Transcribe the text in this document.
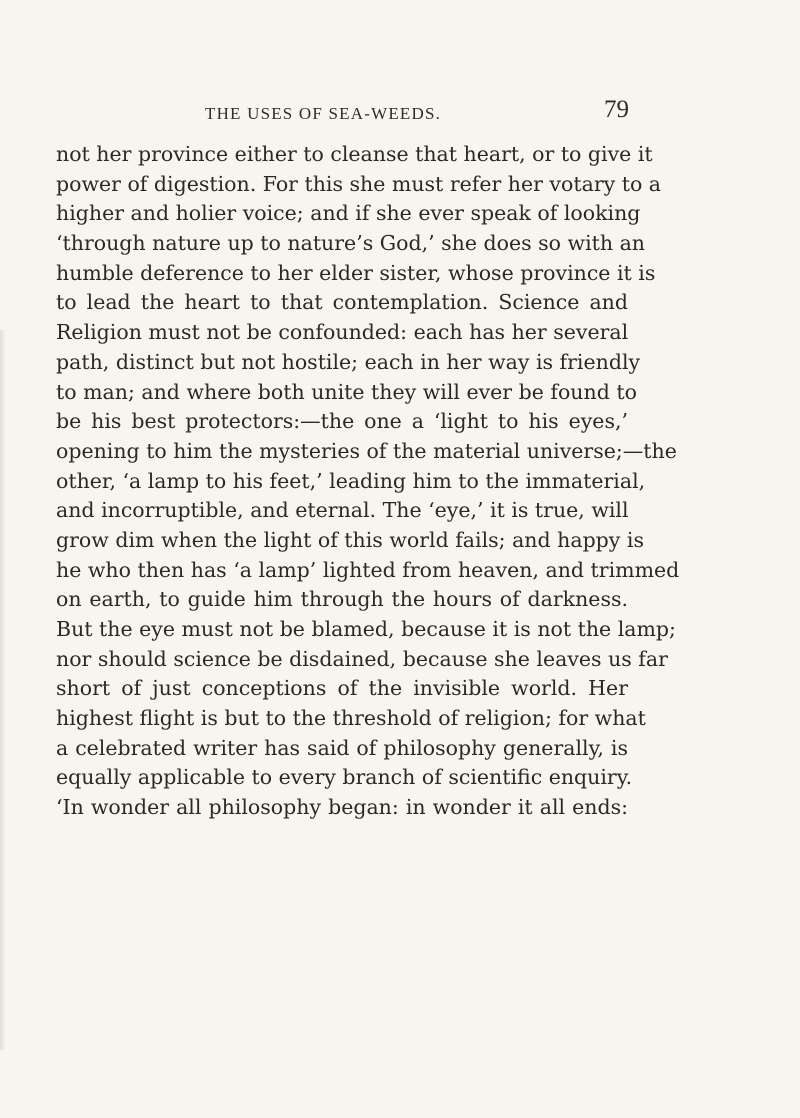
THE USES OF SEA-WEEDS.	79
not her province either to cleanse that heart, or to give it
power of digestion. For this she must refer her votary to a
higher and holier voice; and if she ever speak of looking
‘through nature up to nature’s God,’ she does so with an
humble deference to her elder sister, whose province it is
to lead the heart to that contemplation. Science and
Religion must not be confounded: each has her several
path, distinct but not hostile; each in her way is friendly
to man; and where both unite they will ever be found to
be his best protectors:—the one a ‘light to his eyes,’
opening to him the mysteries of the material universe;—the
other, ‘a lamp to his feet,’ leading him to the immaterial,
and incorruptible, and eternal. The ‘eye,’ it is true, will
grow dim when the light of this world fails; and happy is
he who then has ‘a lamp’ lighted from heaven, and trimmed
on earth, to guide him through the hours of darkness.
But the eye must not be blamed, because it is not the lamp;
nor should science be disdained, because she leaves us far
short of just conceptions of the invisible world. Her
highest flight is but to the threshold of religion; for what
a celebrated writer has said of philosophy generally, is
equally applicable to every branch of scientific enquiry.
‘In wonder all philosophy began: in wonder it all ends:
